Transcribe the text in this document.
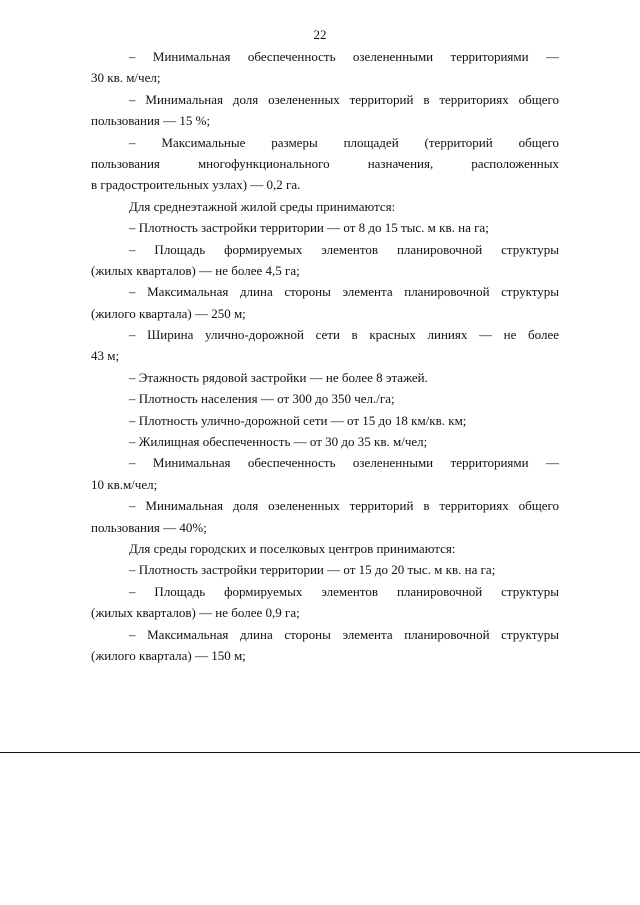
22
– Минимальная обеспеченность озелененными территориями —
30 кв. м/чел;
– Минимальная доля озелененных территорий в территориях общего
пользования — 15 %;
– Максимальные размеры площадей (территорий общего
пользования многофункционального назначения, расположенных
в градостроительных узлах) — 0,2 га.
Для среднеэтажной жилой среды принимаются:
– Плотность застройки территории — от 8 до 15 тыс. м кв. на га;
– Площадь формируемых элементов планировочной структуры
(жилых кварталов) — не более 4,5 га;
– Максимальная длина стороны элемента планировочной структуры
(жилого квартала) — 250 м;
– Ширина улично-дорожной сети в красных линиях — не более
43 м;
– Этажность рядовой застройки — не более 8 этажей.
– Плотность населения — от 300 до 350 чел./га;
– Плотность улично-дорожной сети — от 15 до 18 км/кв. км;
– Жилищная обеспеченность — от 30 до 35 кв. м/чел;
– Минимальная обеспеченность озелененными территориями —
10 кв.м/чел;
– Минимальная доля озелененных территорий в территориях общего
пользования — 40%;
Для среды городских и поселковых центров принимаются:
– Плотность застройки территории — от 15 до 20 тыс. м кв. на га;
– Площадь формируемых элементов планировочной структуры
(жилых кварталов) — не более 0,9 га;
– Максимальная длина стороны элемента планировочной структуры
(жилого квартала) — 150 м;
